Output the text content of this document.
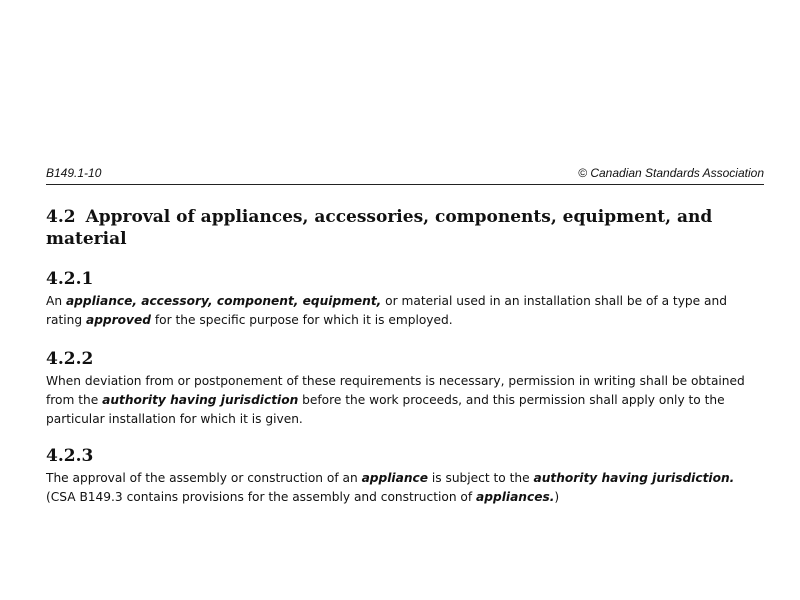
B149.1-10	© Canadian Standards Association
4.2 Approval of appliances, accessories, components, equipment, and material
4.2.1

An appliance, accessory, component, equipment, or material used in an installation shall be of a type and rating approved for the specific purpose for which it is employed.

4.2.2

When deviation from or postponement of these requirements is necessary, permission in writing shall be obtained from the authority having jurisdiction before the work proceeds, and this permission shall apply only to the particular installation for which it is given.

4.2.3

The approval of the assembly or construction of an appliance is subject to the authority having jurisdiction. (CSA B149.3 contains provisions for the assembly and construction of appliances.)
